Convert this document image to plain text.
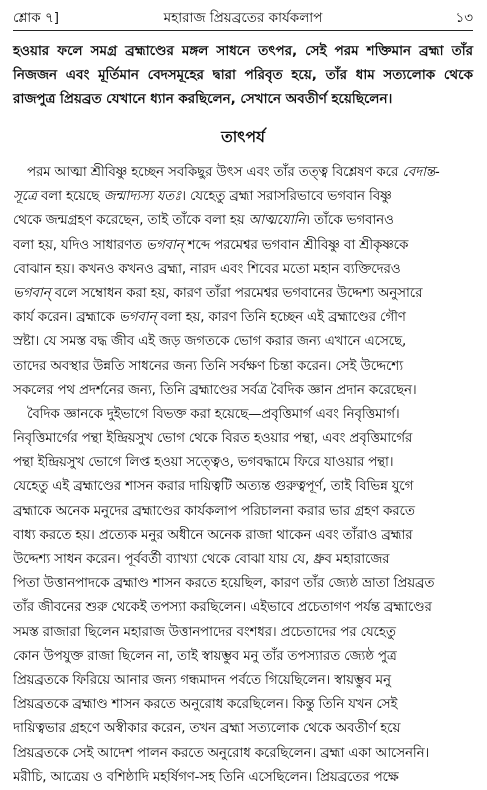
শ্লোক ৭]	মহারাজ প্রিয়ব্রতের কার্যকলাপ	১৩

হওয়ার ফলে সমগ্র ব্রহ্মাণ্ডের মঙ্গল সাধনে তৎপর, সেই পরম শক্তিমান ব্রহ্মা তাঁর নিজজন এবং মূর্তিমান বেদসমূহের দ্বারা পরিবৃত হয়ে, তাঁর ধাম সত্যলোক থেকে রাজপুত্র প্রিয়ব্রত যেখানে ধ্যান করছিলেন, সেখানে অবতীর্ণ হয়েছিলেন।

তাৎপর্য
পরম আত্মা শ্রীবিষ্ণু হচ্ছেন সবকিছুর উৎস এবং তাঁর তত্ত্ব বিশ্লেষণ করে বেদান্ত-
সূত্রে বলা হয়েছে জন্মাদ্যস্য যতঃ। যেহেতু ব্রহ্মা সরাসরিভাবে ভগবান বিষ্ণু
থেকে জন্মগ্রহণ করেছেন, তাই তাঁকে বলা হয় আত্মযোনি। তাঁকে ভগবানও
বলা হয়, যদিও সাধারণত ভগবান্ শব্দে পরমেশ্বর ভগবান শ্রীবিষ্ণু বা শ্রীকৃষ্ণকে
বোঝান হয়। কখনও কখনও ব্রহ্মা, নারদ এবং শিবের মতো মহান ব্যক্তিদেরও
ভগবান্ বলে সম্বোধন করা হয়, কারণ তাঁরা পরমেশ্বর ভগবানের উদ্দেশ্য অনুসারে
কার্য করেন। ব্রহ্মাকে ভগবান্ বলা হয়, কারণ তিনি হচ্ছেন এই ব্রহ্মাণ্ডের গৌণ
স্রষ্টা। যে সমস্ত বদ্ধ জীব এই জড় জগতকে ভোগ করার জন্য এখানে এসেছে,
তাদের অবস্থার উন্নতি সাধনের জন্য তিনি সর্বক্ষণ চিন্তা করেন। সেই উদ্দেশ্যে
সকলের পথ প্রদর্শনের জন্য, তিনি ব্রহ্মাণ্ডের সর্বত্র বৈদিক জ্ঞান প্রদান করেছেন।
বৈদিক জ্ঞানকে দুইভাগে বিভক্ত করা হয়েছে—প্রবৃত্তিমার্গ এবং নিবৃত্তিমার্গ।
নিবৃত্তিমার্গের পন্থা ইন্দ্রিয়সুখ ভোগ থেকে বিরত হওয়ার পন্থা, এবং প্রবৃত্তিমার্গের
পন্থা ইন্দ্রিয়সুখ ভোগে লিপ্ত হওয়া সত্ত্বেও, ভগবদ্ধামে ফিরে যাওয়ার পন্থা।
যেহেতু এই ব্রহ্মাণ্ডের শাসন করার দায়িত্বটি অত্যন্ত গুরুত্বপূর্ণ, তাই বিভিন্ন যুগে
ব্রহ্মাকে অনেক মনুদের ব্রহ্মাণ্ডের কার্যকলাপ পরিচালনা করার ভার গ্রহণ করতে
বাধ্য করতে হয়। প্রত্যেক মনুর অধীনে অনেক রাজা থাকেন এবং তাঁরাও ব্রহ্মার
উদ্দেশ্য সাধন করেন। পূর্ববর্তী ব্যাখ্যা থেকে বোঝা যায় যে, ধ্রুব মহারাজের
পিতা উত্তানপাদকে ব্রহ্মাণ্ড শাসন করতে হয়েছিল, কারণ তাঁর জ্যেষ্ঠ ভ্রাতা প্রিয়ব্রত
তাঁর জীবনের শুরু থেকেই তপস্যা করছিলেন। এইভাবে প্রচেতাগণ পর্যন্ত ব্রহ্মাণ্ডের
সমস্ত রাজারা ছিলেন মহারাজ উত্তানপাদের বংশধর। প্রচেতাদের পর যেহেতু
কোন উপযুক্ত রাজা ছিলেন না, তাই স্বায়ম্ভুব মনু তাঁর তপস্যারত জ্যেষ্ঠ পুত্র
প্রিয়ব্রতকে ফিরিয়ে আনার জন্য গন্ধমাদন পর্বতে গিয়েছিলেন। স্বায়ম্ভুব মনু
প্রিয়ব্রতকে ব্রহ্মাণ্ড শাসন করতে অনুরোধ করেছিলেন। কিন্তু তিনি যখন সেই
দায়িত্বভার গ্রহণে অস্বীকার করেন, তখন ব্রহ্মা সত্যলোক থেকে অবতীর্ণ হয়ে
প্রিয়ব্রতকে সেই আদেশ পালন করতে অনুরোধ করেছিলেন। ব্রহ্মা একা আসেননি।
মরীচি, আত্রেয় ও বশিষ্ঠাদি মহর্ষিগণ-সহ তিনি এসেছিলেন। প্রিয়ব্রতের পক্ষে
